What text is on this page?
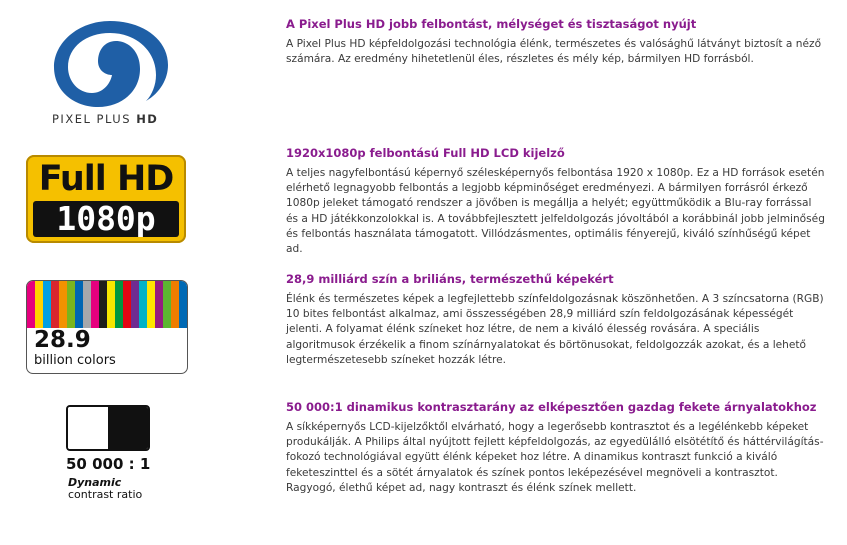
PIXEL PLUS HD
Full HD
1080p
28.9
billion colors
50 000 : 1
Dynamic
contrast ratio
A Pixel Plus HD jobb felbontást, mélységet és tisztaságot nyújt

A Pixel Plus HD képfeldolgozási technológia élénk, természetes és valósághű látványt biztosít a néző számára. Az eredmény hihetetlenül éles, részletes és mély kép, bármilyen HD forrásból.

1920x1080p felbontású Full HD LCD kijelző

A teljes nagyfelbontású képernyő szélesképernyős felbontása 1920 x 1080p. Ez a HD források esetén elérhető legnagyobb felbontás a legjobb képminőséget eredményezi. A bármilyen forrásról érkező 1080p jeleket támogató rendszer a jövőben is megállja a helyét; együttműködik a Blu-ray forrással és a HD játékkonzolokkal is. A továbbfejlesztett jelfeldolgozás jóvoltából a korábbinál jobb jelminőség és felbontás használata támogatott. Villódzásmentes, optimális fényerejű, kiváló színhűségű képet ad.

28,9 milliárd szín a briliáns, természethű képekért

Élénk és természetes képek a legfejlettebb színfeldolgozásnak köszönhetően. A 3 színcsatorna (RGB) 10 bites felbontást alkalmaz, ami összességében 28,9 milliárd szín feldolgozásának képességét jelenti. A folyamat élénk színeket hoz létre, de nem a kiváló élesség rovására. A speciális algoritmusok érzékelik a finom színárnyalatokat és börtönusokat, feldolgozzák azokat, és a lehető legtermészetesebb színeket hozzák létre.

50 000:1 dinamikus kontrasztarány az elképesztően gazdag fekete árnyalatokhoz

A síkképernyős LCD-kijelzőktől elvárható, hogy a legerősebb kontrasztot és a legélénkebb képeket produkálják. A Philips által nyújtott fejlett képfeldolgozás, az egyedülálló elsötétítő és háttérvilágítás-fokozó technológiával együtt élénk képeket hoz létre. A dinamikus kontraszt funkció a kiváló feketeszinttel és a sötét árnyalatok és színek pontos leképezésével megnöveli a kontrasztot. Ragyogó, élethű képet ad, nagy kontraszt és élénk színek mellett.
